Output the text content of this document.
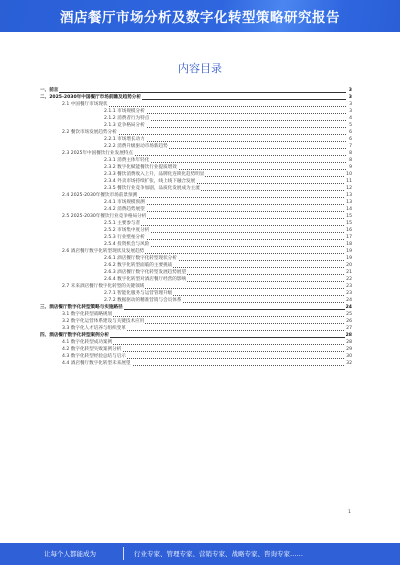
酒店餐厅市场分析及数字化转型策略研究报告
内容目录
一、前言	3
二、2025-2030年中国餐厅市场前瞻及趋势分析	3
2.1 中国餐厅市场现状	3
2.1.1 市场规模分析	3
2.1.2 消费者行为特点	4
2.1.3 竞争格局分析	5
2.2 餐饮市场发展趋势分析	6
2.2.1 市场增长动力	6
2.2.2 消费升级驱动市场新趋势	7
2.3 2025年中国餐饮行业发展特点	8
2.3.1 消费主体年轻化	8
2.3.2 数字化赋能餐饮行业提质增效	9
2.3.3 餐饮消费收入上升，品牌化连锁化趋势明显	10
2.3.4 外卖市场持续扩张，线上线下融合发展	11
2.3.5 餐饮行业竞争加剧，品质化发展成为主流	12
2.4 2025-2030年餐饮市场前景预测	13
2.4.1 市场规模预测	13
2.4.2 消费趋势展望	14
2.5 2025-2030年餐饮行业竞争格局分析	15
2.5.1 主要参与者	15
2.5.2 市场集中度分析	16
2.5.3 行业壁垒分析	17
2.5.4 投资机会与风险	18
2.6 酒店餐厅数字化转型现状及发展趋势	19
2.6.1 酒店餐厅数字化转型现状分析	19
2.6.2 数字化转型面临的主要挑战	20
2.6.3 酒店餐厅数字化转型发展趋势展望	21
2.6.4 数字化转型对酒店餐厅经营的影响	22
2.7 未来酒店餐厅数字化转型的关键领域	23
2.7.1 智能化服务与运营管理升级	23
2.7.2 数据驱动的精准营销与会员体系	24
三、酒店餐厅数字化转型策略与实施路径	24
3.1 数字化转型战略规划	25
3.2 数字化运营体系建设与关键技术应用	26
3.3 数字化人才培养与组织变革	27
四、酒店餐厅数字化转型案例分析	28
4.1 数字化转型成功案例	28
4.2 数字化转型失败案例分析	29
4.3 数字化转型经验总结与启示	30
4.4 酒店餐厅数字化转型未来展望	32
1
让每个人都能成为	行业专家、管理专家、营销专家、战略专家、咨询专家……
